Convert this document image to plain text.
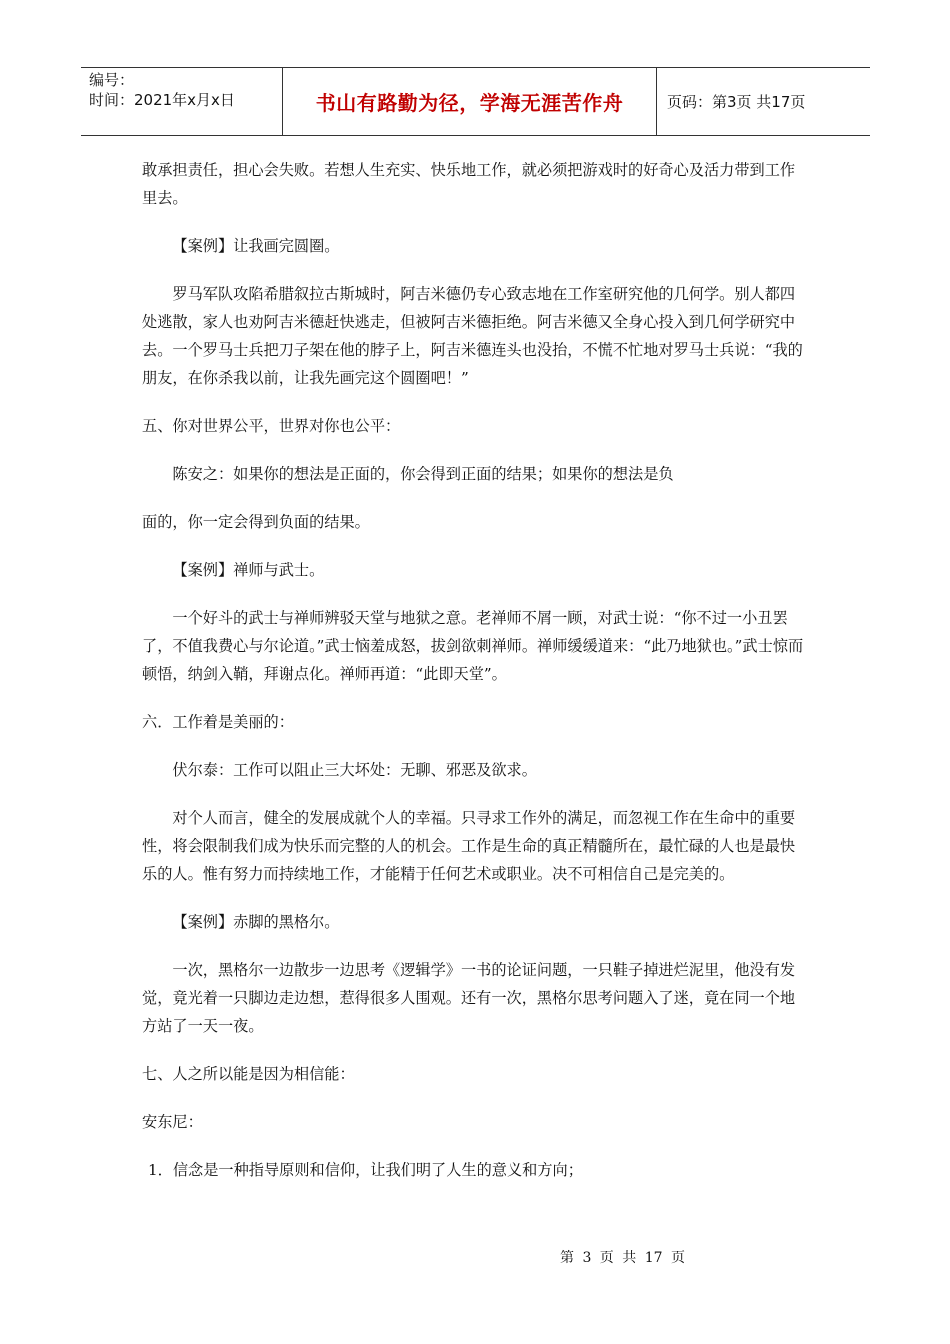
编号：
时间：2021年x月x日	书山有路勤为径，学海无涯苦作舟	页码：第3页 共17页

敢承担责任，担心会失败。若想人生充实、快乐地工作，就必须把游戏时的好奇心及活力带到工作里去。

【案例】让我画完圆圈。

罗马军队攻陷希腊叙拉古斯城时，阿吉米德仍专心致志地在工作室研究他的几何学。别人都四处逃散，家人也劝阿吉米德赶快逃走，但被阿吉米德拒绝。阿吉米德又全身心投入到几何学研究中去。一个罗马士兵把刀子架在他的脖子上，阿吉米德连头也没抬，不慌不忙地对罗马士兵说：“我的朋友，在你杀我以前，让我先画完这个圆圈吧！”

五、你对世界公平，世界对你也公平：

陈安之：如果你的想法是正面的，你会得到正面的结果；如果你的想法是负

面的，你一定会得到负面的结果。

【案例】禅师与武士。

一个好斗的武士与禅师辨驳天堂与地狱之意。老禅师不屑一顾，对武士说：“你不过一小丑罢了，不值我费心与尔论道。”武士恼羞成怒，拔剑欲刺禅师。禅师缓缓道来：“此乃地狱也。”武士惊而顿悟，纳剑入鞘，拜谢点化。禅师再道：“此即天堂”。

六．工作着是美丽的：

伏尔泰：工作可以阻止三大坏处：无聊、邪恶及欲求。

对个人而言，健全的发展成就个人的幸福。只寻求工作外的满足，而忽视工作在生命中的重要性，将会限制我们成为快乐而完整的人的机会。工作是生命的真正精髓所在，最忙碌的人也是最快乐的人。惟有努力而持续地工作，才能精于任何艺术或职业。决不可相信自己是完美的。

【案例】赤脚的黑格尔。

一次，黑格尔一边散步一边思考《逻辑学》一书的论证问题，一只鞋子掉进烂泥里，他没有发觉，竟光着一只脚边走边想，惹得很多人围观。还有一次，黑格尔思考问题入了迷，竟在同一个地方站了一天一夜。

七、人之所以能是因为相信能：

安东尼：

1．信念是一种指导原则和信仰，让我们明了人生的意义和方向；

第 3 页 共 17 页
